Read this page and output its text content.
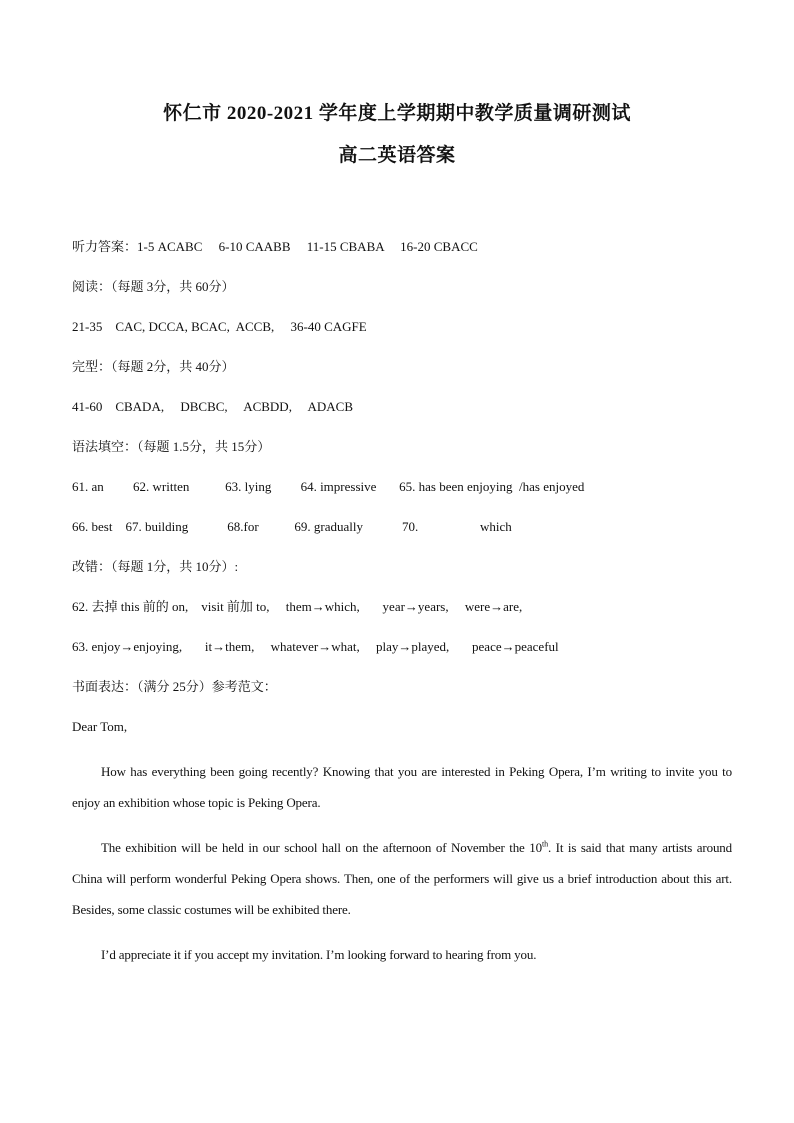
怀仁市 2020-2021 学年度上学期期中教学质量调研测试
高二英语答案
听力答案：1-5 ACABC     6-10 CAABB     11-15 CBABA     16-20 CBACC
阅读：（每题 3分，共 60分）
21-35    CAC, DCCA, BCAC,  ACCB,     36-40 CAGFE
完型：（每题 2分，共 40分）
41-60    CBADA,     DBCBC,     ACBDD,     ADACB
语法填空：（每题 1.5分，共 15分）
61. an         62. written           63. lying         64. impressive       65. has been enjoying  /has enjoyed
66. best    67. building            68.for           69. gradually            70.                   which
改错：（每题 1分，共 10分）:
62. 去掉 this 前的 on,    visit 前加 to,     them→which,       year→years,     were→are,
63. enjoy→enjoying,       it→them,     whatever→what,     play→played,       peace→peaceful
书面表达：（满分 25分）参考范文：
Dear Tom,
How has everything been going recently? Knowing that you are interested in Peking Opera, I’m writing to invite you to enjoy an exhibition whose topic is Peking Opera.
The exhibition will be held in our school hall on the afternoon of November the 10th. It is said that many artists around China will perform wonderful Peking Opera shows. Then, one of the performers will give us a brief introduction about this art. Besides, some classic costumes will be exhibited there.
I’d appreciate it if you accept my invitation. I’m looking forward to hearing from you.
